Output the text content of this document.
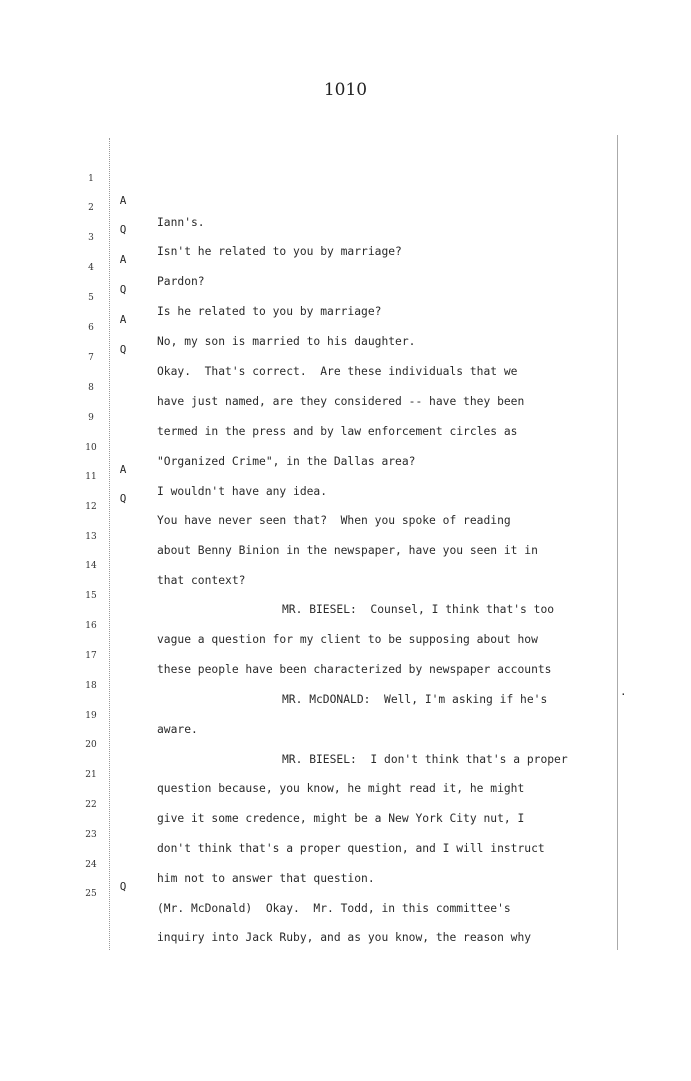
1010

1

A

Iann's.

2

Q

Isn't he related to you by marriage?

3

A

Pardon?

4

Q

Is he related to you by marriage?

5

A

No, my son is married to his daughter.

6

Q

Okay.  That's correct.  Are these individuals that we

7

have just named, are they considered -- have they been

8

termed in the press and by law enforcement circles as

9

"Organized Crime", in the Dallas area?

10

A

I wouldn't have any idea.

11

Q

You have never seen that?  When you spoke of reading

12

about Benny Binion in the newspaper, have you seen it in

13

that context?

14

MR. BIESEL:  Counsel, I think that's too

15

vague a question for my client to be supposing about how

16

these people have been characterized by newspaper accounts

.

17

MR. McDONALD:  Well, I'm asking if he's

18

aware.

19

MR. BIESEL:  I don't think that's a proper

20

question because, you know, he might read it, he might

21

give it some credence, might be a New York City nut, I

22

don't think that's a proper question, and I will instruct

23

him not to answer that question.

24

Q

(Mr. McDonald)  Okay.  Mr. Todd, in this committee's

25

inquiry into Jack Ruby, and as you know, the reason why
